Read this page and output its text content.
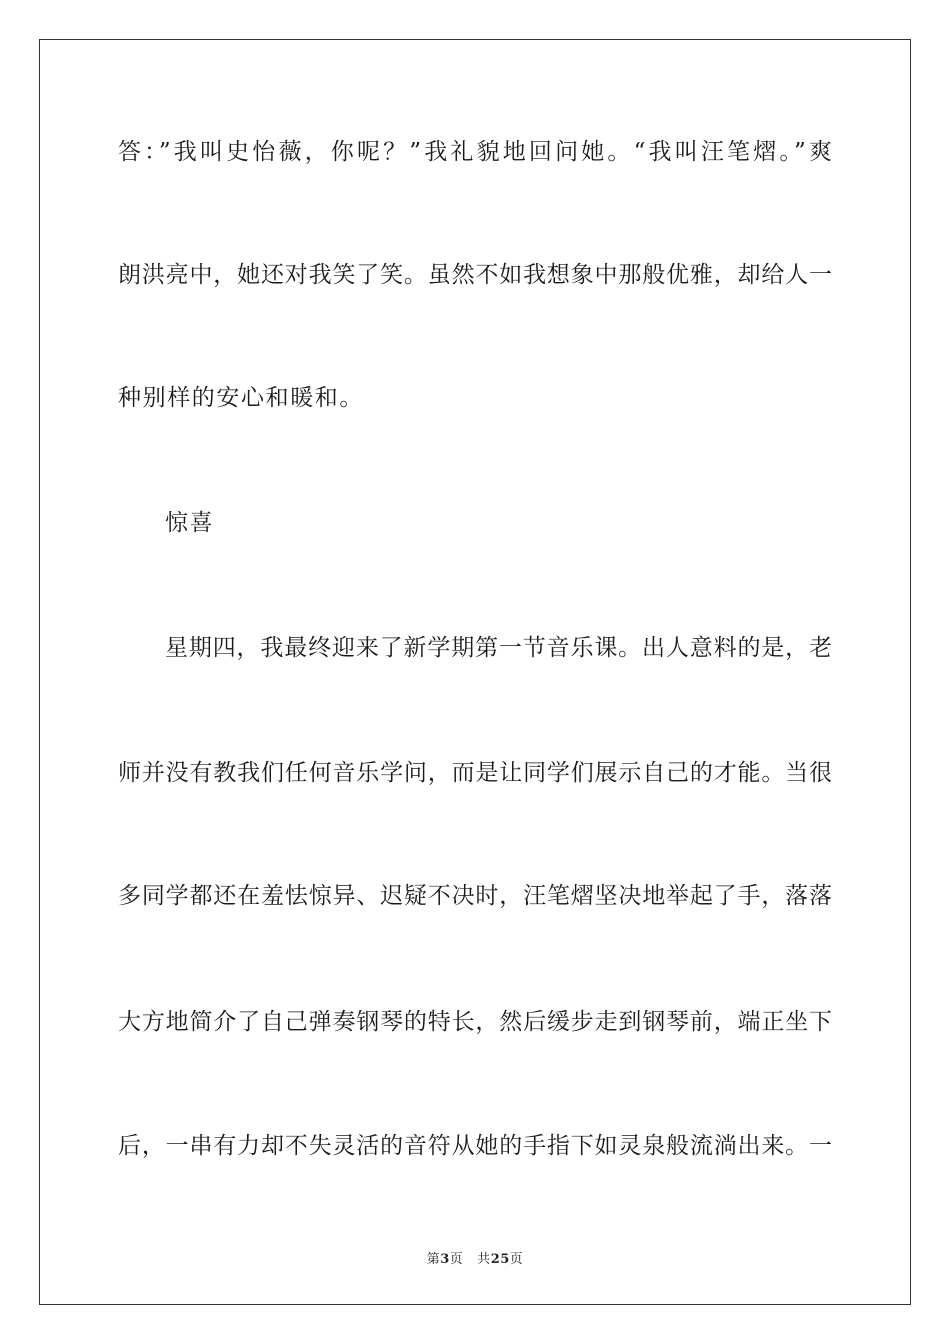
答：”我叫史怡薇，你呢？”我礼貌地回问她。“我叫汪笔熠。”爽
朗洪亮中，她还对我笑了笑。虽然不如我想象中那般优雅，却给人一
种别样的安心和暖和。
惊喜
星期四，我最终迎来了新学期第一节音乐课。出人意料的是，老
师并没有教我们任何音乐学问，而是让同学们展示自己的才能。当很
多同学都还在羞怯惊异、迟疑不决时，汪笔熠坚决地举起了手，落落
大方地简介了自己弹奏钢琴的特长，然后缓步走到钢琴前，端正坐下
后，一串有力却不失灵活的音符从她的手指下如灵泉般流淌出来。一
第3页 共25页
